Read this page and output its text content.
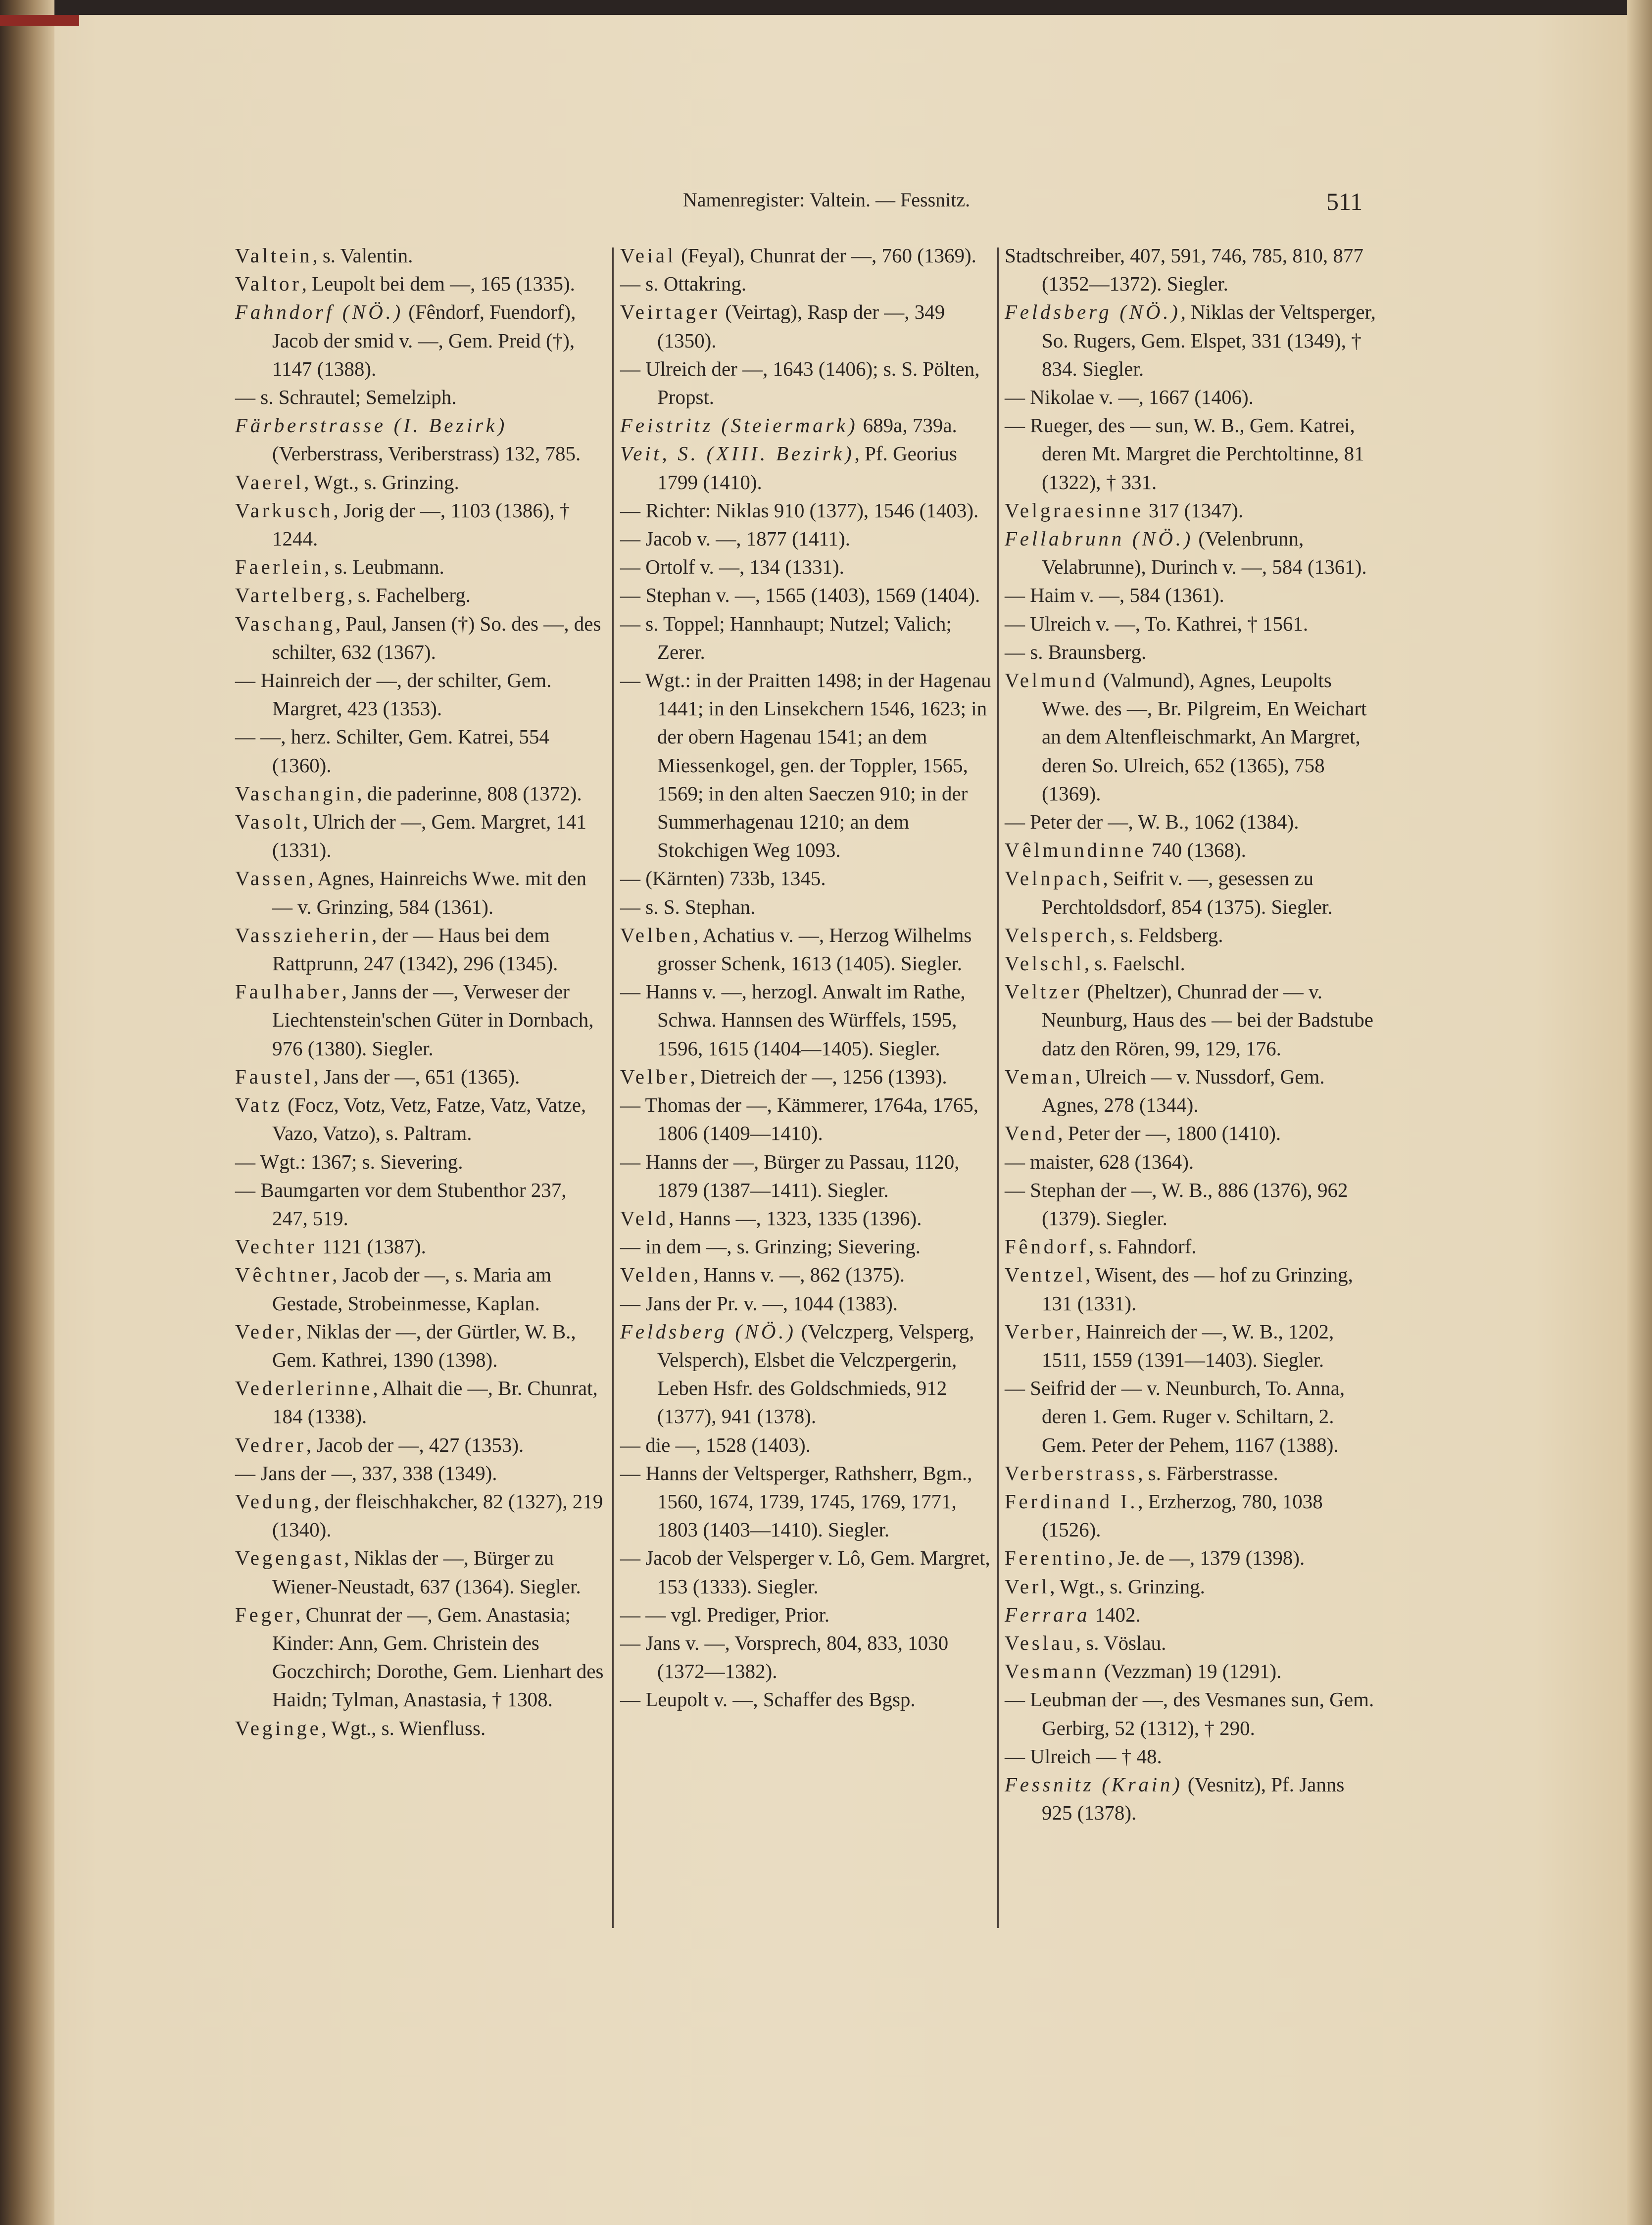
Namenregister: Valtein. — Fessnitz.	511

Valtein, s. Valentin.

Valtor, Leupolt bei dem —, 165 (1335).

Fahndorf (NÖ.) (Fêndorf, Fuendorf), Jacob der smid v. —, Gem. Preid (†), 1147 (1388).

— s. Schrautel; Semelziph.

Färberstrasse (I. Bezirk) (Verberstrass, Veriberstrass) 132, 785.

Vaerel, Wgt., s. Grinzing.

Varkusch, Jorig der —, 1103 (1386), † 1244.

Faerlein, s. Leubmann.

Vartelberg, s. Fachelberg.

Vaschang, Paul, Jansen (†) So. des —, des schilter, 632 (1367).

— Hainreich der —, der schilter, Gem. Margret, 423 (1353).

— —, herz. Schilter, Gem. Katrei, 554 (1360).

Vaschangin, die paderinne, 808 (1372).

Vasolt, Ulrich der —, Gem. Margret, 141 (1331).

Vassen, Agnes, Hainreichs Wwe. mit den — v. Grinzing, 584 (1361).

Vasszieherin, der — Haus bei dem Rattprunn, 247 (1342), 296 (1345).

Faulhaber, Janns der —, Verweser der Liechtenstein'schen Güter in Dornbach, 976 (1380). Siegler.

Faustel, Jans der —, 651 (1365).

Vatz (Focz, Votz, Vetz, Fatze, Vatz, Vatze, Vazo, Vatzo), s. Paltram.

— Wgt.: 1367; s. Sievering.

— Baumgarten vor dem Stubenthor 237, 247, 519.

Vechter 1121 (1387).

Vêchtner, Jacob der —, s. Maria am Gestade, Strobeinmesse, Kaplan.

Veder, Niklas der —, der Gürtler, W. B., Gem. Kathrei, 1390 (1398).

Vederlerinne, Alhait die —, Br. Chunrat, 184 (1338).

Vedrer, Jacob der —, 427 (1353).

— Jans der —, 337, 338 (1349).

Vedung, der fleischhakcher, 82 (1327), 219 (1340).

Vegengast, Niklas der —, Bürger zu Wiener-Neustadt, 637 (1364). Siegler.

Feger, Chunrat der —, Gem. Anastasia; Kinder: Ann, Gem. Christein des Goczchirch; Dorothe, Gem. Lienhart des Haidn; Tylman, Anastasia, † 1308.

Veginge, Wgt., s. Wienfluss.

Veial (Feyal), Chunrat der —, 760 (1369).

— s. Ottakring.

Veirtager (Veirtag), Rasp der —, 349 (1350).

— Ulreich der —, 1643 (1406); s. S. Pölten, Propst.

Feistritz (Steiermark) 689a, 739a.

Veit, S. (XIII. Bezirk), Pf. Georius 1799 (1410).

— Richter: Niklas 910 (1377), 1546 (1403).

— Jacob v. —, 1877 (1411).

— Ortolf v. —, 134 (1331).

— Stephan v. —, 1565 (1403), 1569 (1404).

— s. Toppel; Hannhaupt; Nutzel; Valich; Zerer.

— Wgt.: in der Praitten 1498; in der Hagenau 1441; in den Linsekchern 1546, 1623; in der obern Hagenau 1541; an dem Miessenkogel, gen. der Toppler, 1565, 1569; in den alten Saeczen 910; in der Summerhagenau 1210; an dem Stokchigen Weg 1093.

— (Kärnten) 733b, 1345.

— s. S. Stephan.

Velben, Achatius v. —, Herzog Wilhelms grosser Schenk, 1613 (1405). Siegler.

— Hanns v. —, herzogl. Anwalt im Rathe, Schwa. Hannsen des Würffels, 1595, 1596, 1615 (1404—1405). Siegler.

Velber, Dietreich der —, 1256 (1393).

— Thomas der —, Kämmerer, 1764a, 1765, 1806 (1409—1410).

— Hanns der —, Bürger zu Passau, 1120, 1879 (1387—1411). Siegler.

Veld, Hanns —, 1323, 1335 (1396).

— in dem —, s. Grinzing; Sievering.

Velden, Hanns v. —, 862 (1375).

— Jans der Pr. v. —, 1044 (1383).

Feldsberg (NÖ.) (Velczperg, Velsperg, Velsperch), Elsbet die Velczpergerin, Leben Hsfr. des Goldschmieds, 912 (1377), 941 (1378).

— die —, 1528 (1403).

— Hanns der Veltsperger, Rathsherr, Bgm., 1560, 1674, 1739, 1745, 1769, 1771, 1803 (1403—1410). Siegler.

— Jacob der Velsperger v. Lô, Gem. Margret, 153 (1333). Siegler.

— — vgl. Prediger, Prior.

— Jans v. —, Vorsprech, 804, 833, 1030 (1372—1382).

— Leupolt v. —, Schaffer des Bgsp.

Stadtschreiber, 407, 591, 746, 785, 810, 877 (1352—1372). Siegler.

Feldsberg (NÖ.), Niklas der Veltsperger, So. Rugers, Gem. Elspet, 331 (1349), † 834. Siegler.

— Nikolae v. —, 1667 (1406).

— Rueger, des — sun, W. B., Gem. Katrei, deren Mt. Margret die Perchtoltinne, 81 (1322), † 331.

Velgraesinne 317 (1347).

Fellabrunn (NÖ.) (Velenbrunn, Velabrunne), Durinch v. —, 584 (1361).

— Haim v. —, 584 (1361).

— Ulreich v. —, To. Kathrei, † 1561.

— s. Braunsberg.

Velmund (Valmund), Agnes, Leupolts Wwe. des —, Br. Pilgreim, En Weichart an dem Altenfleischmarkt, An Margret, deren So. Ulreich, 652 (1365), 758 (1369).

— Peter der —, W. B., 1062 (1384).

Vêlmundinne 740 (1368).

Velnpach, Seifrit v. —, gesessen zu Perchtoldsdorf, 854 (1375). Siegler.

Velsperch, s. Feldsberg.

Velschl, s. Faelschl.

Veltzer (Pheltzer), Chunrad der — v. Neunburg, Haus des — bei der Badstube datz den Rören, 99, 129, 176.

Veman, Ulreich — v. Nussdorf, Gem. Agnes, 278 (1344).

Vend, Peter der —, 1800 (1410).

— maister, 628 (1364).

— Stephan der —, W. B., 886 (1376), 962 (1379). Siegler.

Fêndorf, s. Fahndorf.

Ventzel, Wisent, des — hof zu Grinzing, 131 (1331).

Verber, Hainreich der —, W. B., 1202, 1511, 1559 (1391—1403). Siegler.

— Seifrid der — v. Neunburch, To. Anna, deren 1. Gem. Ruger v. Schiltarn, 2. Gem. Peter der Pehem, 1167 (1388).

Verberstrass, s. Färberstrasse.

Ferdinand I., Erzherzog, 780, 1038 (1526).

Ferentino, Je. de —, 1379 (1398).

Verl, Wgt., s. Grinzing.

Ferrara 1402.

Veslau, s. Vöslau.

Vesmann (Vezzman) 19 (1291).

— Leubman der —, des Vesmanes sun, Gem. Gerbirg, 52 (1312), † 290.

— Ulreich — † 48.

Fessnitz (Krain) (Vesnitz), Pf. Janns 925 (1378).
